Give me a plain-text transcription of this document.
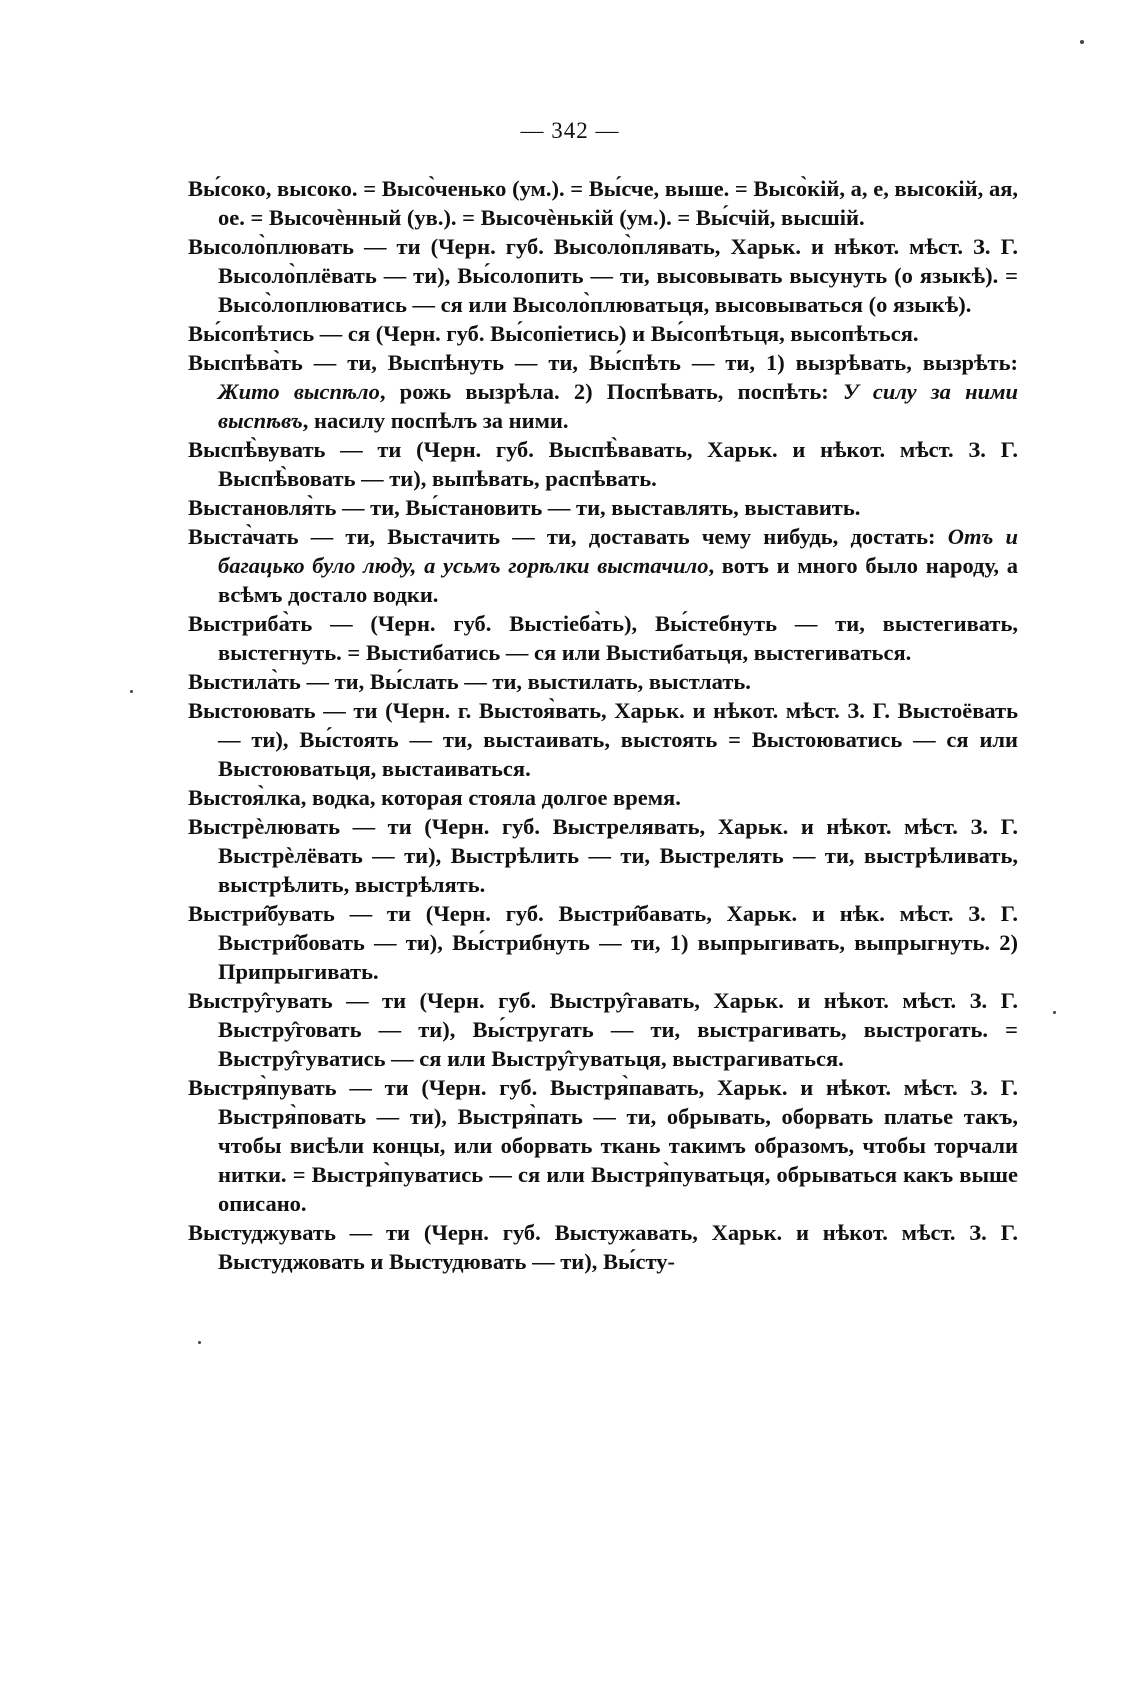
— 342 —

Вы́соко, высоко. = Высо̀ченько (ум.). = Вы́сче, выше. = Высо̀кій, а, е, высокій, ая, ое. = Высочѐнный (ув.). = Высочѐнькій (ум.). = Вы́счій, высшій.

Высоло̀плювать — ти (Черн. губ. Высоло̀плявать, Харьк. и нѣкот. мѣст. З. Г. Высоло̀плёвать — ти), Вы́солопить — ти, высовывать высунуть (о языкѣ). = Высо̀лоплюватись — ся или Высоло̀плюватьця, высовываться (о языкѣ).

Вы́сопѣтись — ся (Черн. губ. Вы́сопіетись) и Вы́сопѣтьця, высопѣться.

Выспѣва̀ть — ти, Выспѣнуть — ти, Вы́спѣть — ти, 1) вызрѣвать, вызрѣть: Жито выспѣло, рожь вызрѣла. 2) Поспѣвать, поспѣть: У силу за ними выспѣвъ, насилу поспѣлъ за ними.

Выспѣ̀вувать — ти (Черн. губ. Выспѣ̀вавать, Харьк. и нѣкот. мѣст. З. Г. Выспѣ̀вовать — ти), выпѣвать, распѣвать.

Выстановля̀ть — ти, Вы́становить — ти, выставлять, выставить.

Выста̀чать — ти, Выстачить — ти, доставать чему нибудь, достать: Отъ и багацько було люду, а усьмъ горѣлки выстачило, вотъ и много было народу, а всѣмъ достало водки.

Выстриба̀ть — (Черн. губ. Выстіеба̀ть), Вы́стебнуть — ти, выстегивать, выстегнуть. = Выстибатись — ся или Выстибатьця, выстегиваться.

Выстила̀ть — ти, Вы́слать — ти, выстилать, выстлать.

Выстоювать — ти (Черн. г. Выстоя̀вать, Харьк. и нѣкот. мѣст. З. Г. Выстоёвать — ти), Вы́стоять — ти, выстаивать, выстоять = Выстоюватись — ся или Выстоюватьця, выстаиваться.

Выстоя̀лка, водка, которая стояла долгое время.

Выстрѐлювать — ти (Черн. губ. Выстрелявать, Харьк. и нѣкот. мѣст. З. Г. Выстрѐлёвать — ти), Выстрѣлить — ти, Выстрелять — ти, выстрѣливать, выстрѣлить, выстрѣлять.

Выстри̂бувать — ти (Черн. губ. Выстри̂бавать, Харьк. и нѣк. мѣст. З. Г. Выстри̂бовать — ти), Вы́стрибнуть — ти, 1) выпрыгивать, выпрыгнуть. 2) Припрыгивать.

Выстру̂гувать — ти (Черн. губ. Выстру̂гавать, Харьк. и нѣкот. мѣст. З. Г. Выстру̂говать — ти), Вы́стругать — ти, выстрагивать, выстрогать. = Выстру̂гуватись — ся или Выстру̂гуватьця, выстрагиваться.

Выстря̀пувать — ти (Черн. губ. Выстря̀павать, Харьк. и нѣкот. мѣст. З. Г. Выстря̀повать — ти), Выстря̀пать — ти, обрывать, оборвать платье такъ, чтобы висѣли концы, или оборвать ткань такимъ образомъ, чтобы торчали нитки. = Выстря̀пуватись — ся или Выстря̀пуватьця, обрываться какъ выше описано.

Выстуджувать — ти (Черн. губ. Выстужавать, Харьк. и нѣкот. мѣст. З. Г. Выстуджовать и Выстудювать — ти), Вы́сту-
